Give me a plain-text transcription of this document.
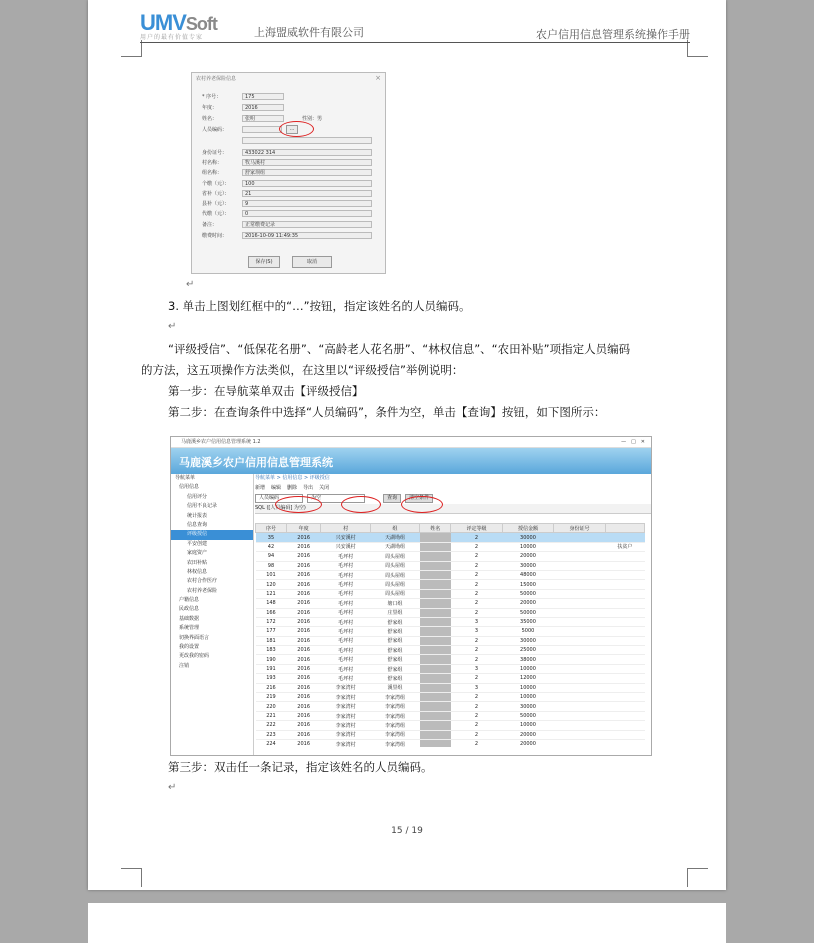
UMVSoft
用户的最有价值专家	上海盟威软件有限公司	农户信用信息管理系统操作手册
农村养老保险信息	×
* 序号：	175
年度：	2016
姓名：	张明
人员编码：
身份证号：	433022 314
村名称：	牧马溪村
组名称：	舒家坝组
个缴（元）：	100
省补（元）：	21
县补（元）：	9
代缴（元）：	0
备注：	正常缴费记录
缴费时间：	2016-10-09 11:49:35
性别：男
...
保存(S)	取消
↵
3. 单击上图划红框中的“…”按钮，指定该姓名的人员编码。
↵
“评级授信”、“低保花名册”、“高龄老人花名册”、“林权信息”、“农田补贴”项指定人员编码
的方法，这五项操作方法类似，在这里以“评级授信”举例说明：
第一步：在导航菜单双击【评级授信】
第二步：在查询条件中选择“人员编码”，条件为空，单击【查询】按钮，如下图所示：
马鹿溪乡农户信用信息管理系统 1.2	—　□　✕
马鹿溪乡农户信用信息管理系统
导航菜单
信用信息
信用评分
信用不良记录
统计报表
信息查询
评级授信
平安创建
家庭资产
农田补贴
林权信息
农村合作医疗
农村养老保险
户籍信息
民政信息
基础数据
系统管理
切换界面语言
我的设置
更改我的密码
注销
导航菜单 > 信用信息 > 评级授信
新增 编辑 删除 导出 关闭
人员编码	为空	查询	清空条件
SQL ([人员编码] 为空)
序号	年度	村	组	姓名	评定等级	授信金额	身份证号	
35	2016	兴安溪村	天湖坳组		2	30000		
42	2016	兴安溪村	天湖坳组		2	10000		扶贫户
94	2016	毛坪村	周头屋组		2	20000		
98	2016	毛坪村	周头屋组		2	30000		
101	2016	毛坪村	周头屋组		2	48000		
120	2016	毛坪村	周头屋组		2	15000		
121	2016	毛坪村	周头屋组		2	50000		
148	2016	毛坪村	塘口组		2	20000		
166	2016	毛坪村	庄里组		2	50000		
172	2016	毛坪村	舒家组		3	35000		
177	2016	毛坪村	舒家组		3	5000		
181	2016	毛坪村	舒家组		2	30000		
183	2016	毛坪村	舒家组		2	25000		
190	2016	毛坪村	舒家组		2	38000		
191	2016	毛坪村	舒家组		3	10000		
193	2016	毛坪村	舒家组		2	12000		
216	2016	李家湾村	溪里组		3	10000		
219	2016	李家湾村	李家湾组		2	10000		
220	2016	李家湾村	李家湾组		2	30000		
221	2016	李家湾村	李家湾组		2	50000		
222	2016	李家湾村	李家湾组		2	10000		
223	2016	李家湾村	李家湾组		2	20000		
224	2016	李家湾村	李家湾组		2	20000		
第三步：双击任一条记录，指定该姓名的人员编码。
↵
15 / 19
